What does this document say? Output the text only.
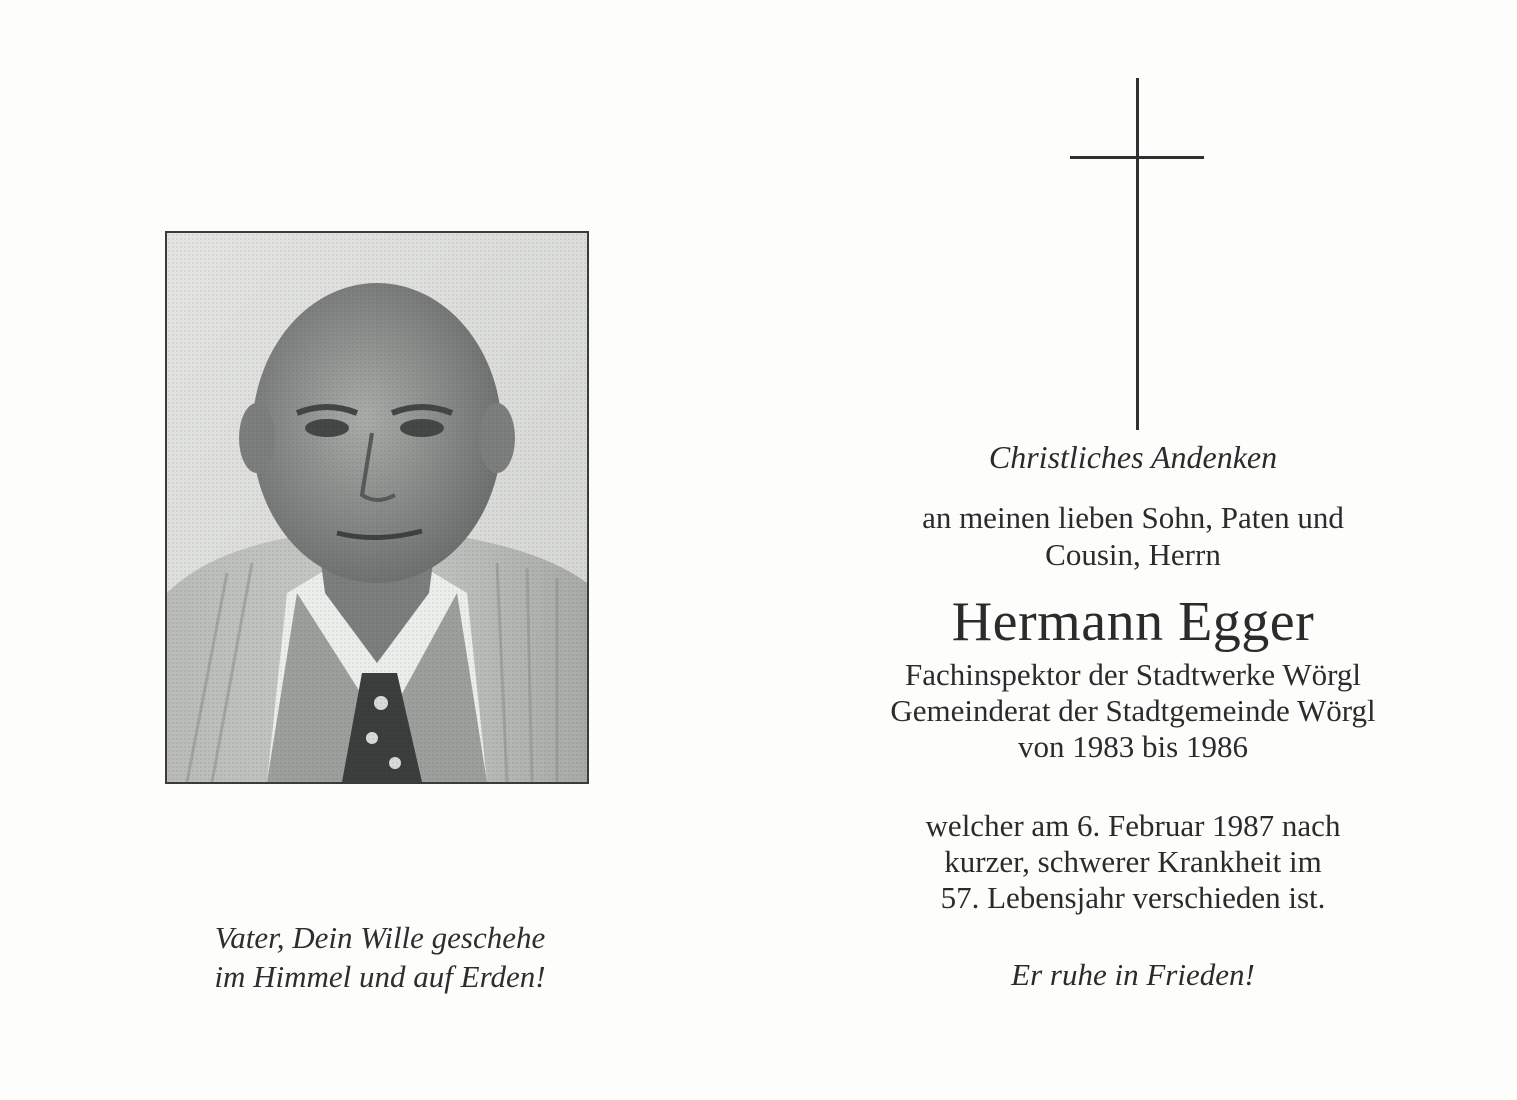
Vater, Dein Wille geschehe
im Himmel und auf Erden!
Christliches Andenken
an meinen lieben Sohn, Paten und
Cousin, Herrn
Hermann Egger
Fachinspektor der Stadtwerke Wörgl
Gemeinderat der Stadtgemeinde Wörgl
von 1983 bis 1986
welcher am 6. Februar 1987 nach
kurzer, schwerer Krankheit im
57. Lebensjahr verschieden ist.
Er ruhe in Frieden!
